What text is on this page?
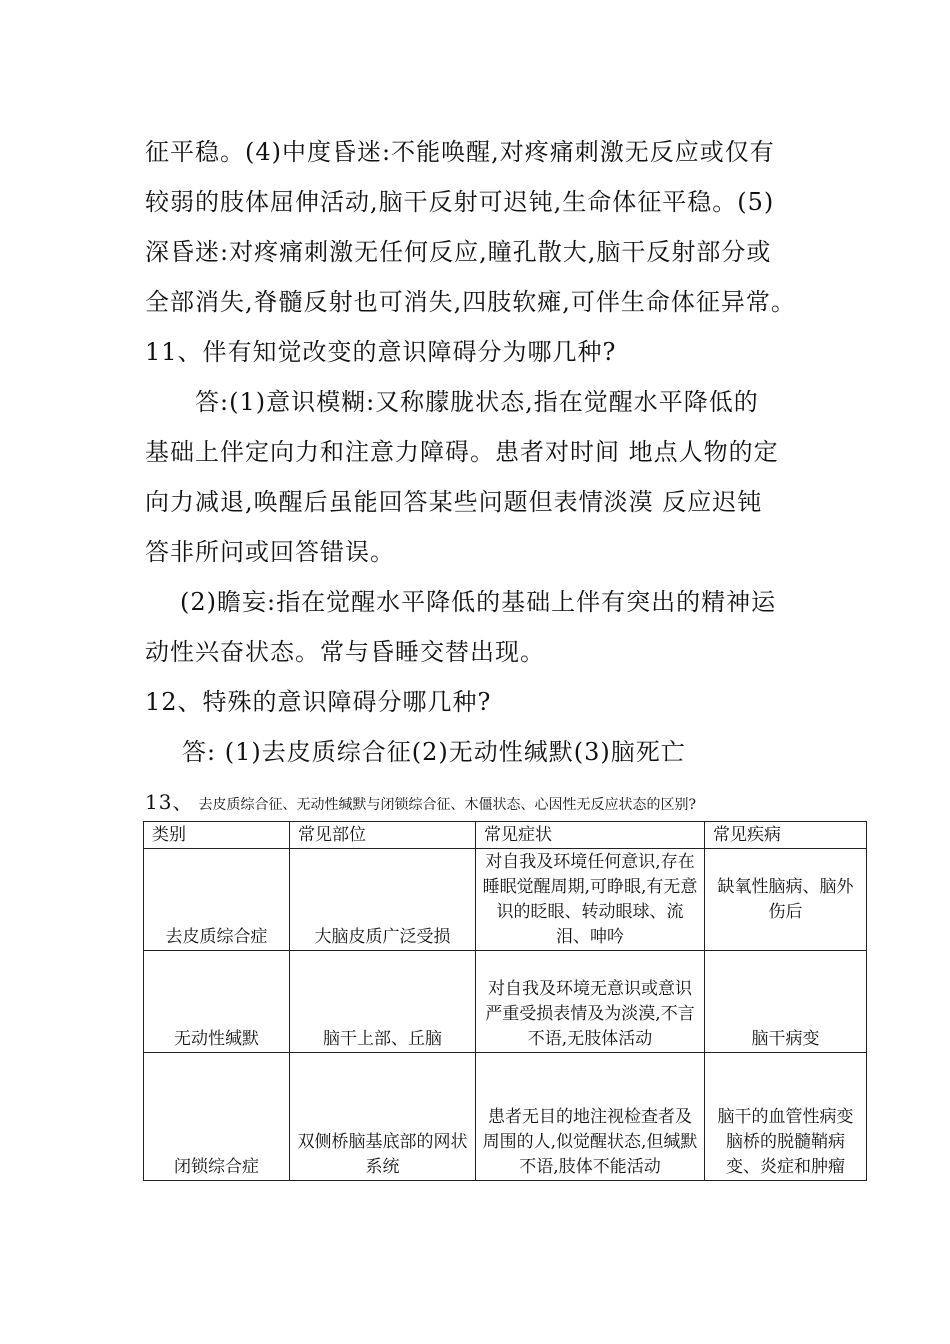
征平稳。(4)中度昏迷:不能唤醒,对疼痛刺激无反应或仅有
较弱的肢体屈伸活动,脑干反射可迟钝,生命体征平稳。(5)
深昏迷:对疼痛刺激无任何反应,瞳孔散大,脑干反射部分或
全部消失,脊髓反射也可消失,四肢软瘫,可伴生命体征异常。
11、伴有知觉改变的意识障碍分为哪几种?
　答:(1)意识模糊:又称朦胧状态,指在觉醒水平降低的
基础上伴定向力和注意力障碍。患者对时间 地点人物的定
向力减退,唤醒后虽能回答某些问题但表情淡漠 反应迟钝
答非所问或回答错误。
(2)瞻妄:指在觉醒水平降低的基础上伴有突出的精神运
动性兴奋状态。常与昏睡交替出现。
12、特殊的意识障碍分哪几种?
答: (1)去皮质综合征(2)无动性缄默(3)脑死亡
13、 去皮质综合征、无动性缄默与闭锁综合征、木僵状态、心因性无反应状态的区别?
类别	常见部位	常见症状	常见疾病
去皮质综合症	大脑皮质广泛受损	对自我及环境任何意识,存在睡眠觉醒周期,可睁眼,有无意识的眨眼、转动眼球、流泪、呻吟	缺氧性脑病、脑外伤后
无动性缄默	脑干上部、丘脑	对自我及环境无意识或意识严重受损表情及为淡漠,不言不语,无肢体活动	脑干病变
闭锁综合症	双侧桥脑基底部的网状系统	患者无目的地注视检查者及周围的人,似觉醒状态,但缄默不语,肢体不能活动	脑干的血管性病变脑桥的脱髓鞘病变、炎症和肿瘤
